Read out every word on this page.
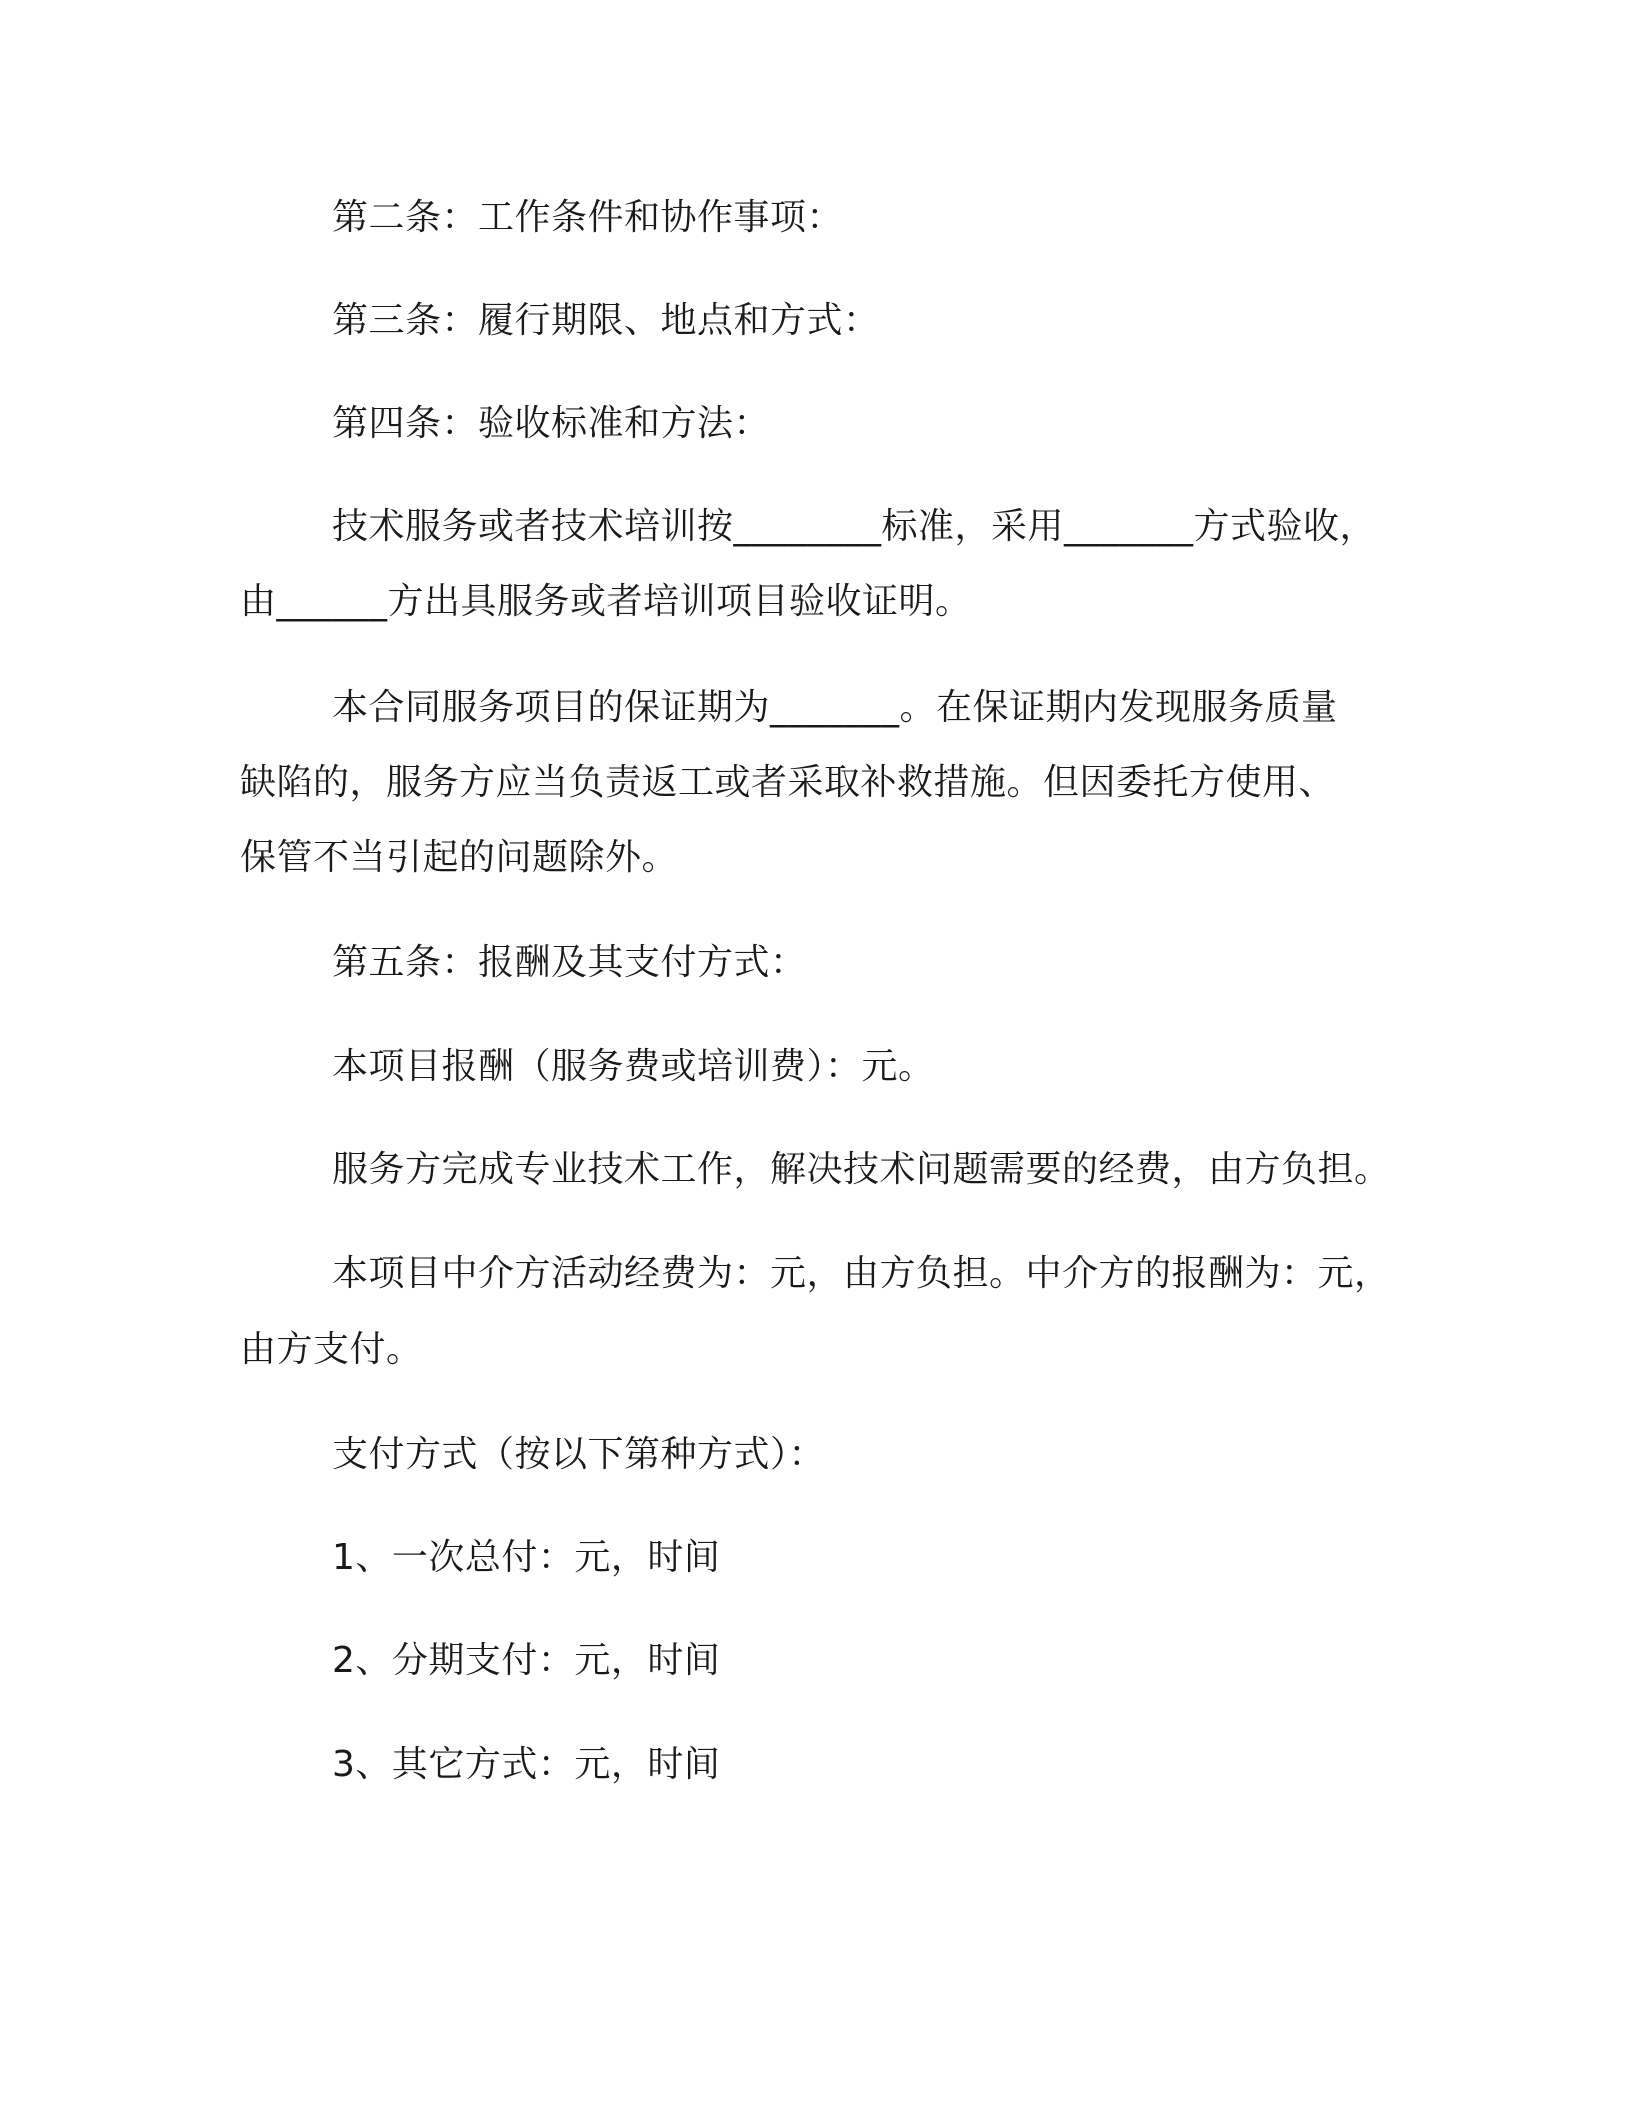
第二条：工作条件和协作事项：
第三条：履行期限、地点和方式：
第四条：验收标准和方法：
技术服务或者技术培训按________标准，采用_______方式验收，
由______方出具服务或者培训项目验收证明。
本合同服务项目的保证期为_______。在保证期内发现服务质量
缺陷的，服务方应当负责返工或者采取补救措施。但因委托方使用、
保管不当引起的问题除外。
第五条：报酬及其支付方式：
本项目报酬（服务费或培训费）：元。
服务方完成专业技术工作，解决技术问题需要的经费，由方负担。
本项目中介方活动经费为：元，由方负担。中介方的报酬为：元，
由方支付。
支付方式（按以下第种方式）：
1、一次总付：元，时间
2、分期支付：元，时间
3、其它方式：元，时间
